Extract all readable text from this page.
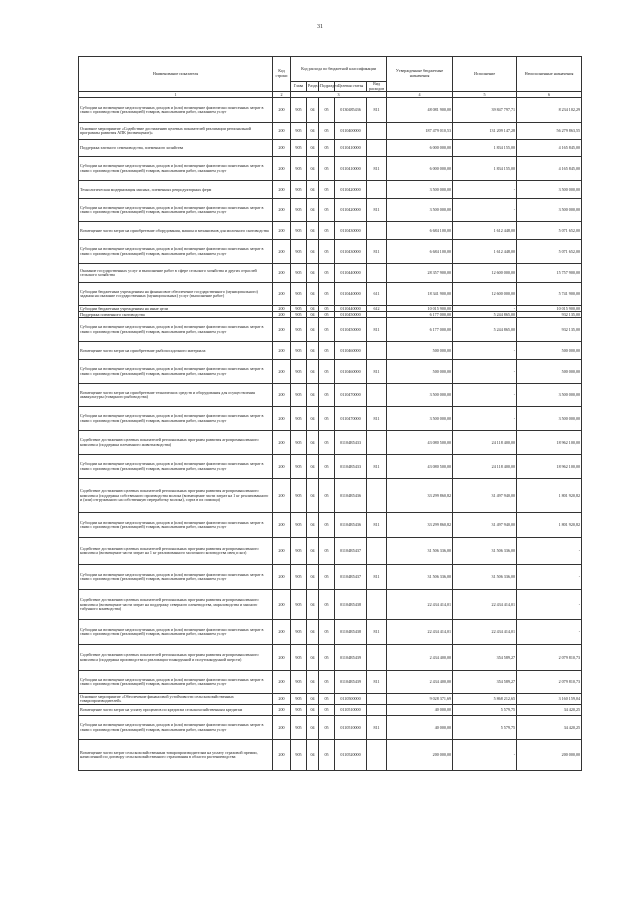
31
Наименование показателя	Код строки	Код расхода по бюджетной классификации					Утвержденные бюджетные назначения	Исполнение	Неисполненные назначения
		Глава	Раздел	Подраздел	Целевая статья	Вид расходов			
1	2	3					4	5	6
Субсидии на возмещение недополученных доходов и (или) возмещение фактически понесенных затрат в связи с производством (реализацией) товаров, выполнением работ, оказанием услуг	200	905	04	05	0130485436	811	48 081 900,00	39 847 797,71	8 234 102,29
Основное мероприятие «Содействие достижению целевых показателей реализации региональной программы развития АПК (возмещение)»	200	905	04	05	0110400000		187 479 010,53	131 209 147,28	56 279 863,55
Поддержка элитного семеноводства, племенного хозяйства	200	905	04	05	0110410000		6 000 000,00	1 834 155,00	4 165 845,00
Субсидии на возмещение недополученных доходов и (или) возмещение фактически понесенных затрат в связи с производством (реализацией) товаров, выполнением работ, оказанием услуг	200	905	04	05	0110410000	811	6 000 000,00	1 834 155,00	4 165 845,00
Технологическая модернизация мясных, племенных репродукторных ферм	200	905	04	05	0110420000		3 500 000,00	-	3 500 000,00
Субсидии на возмещение недополученных доходов и (или) возмещение фактически понесенных затрат в связи с производством (реализацией) товаров, выполнением работ, оказанием услуг	200	905	04	05	0110420000	811	3 500 000,00	-	3 500 000,00
Возмещение части затрат на приобретение оборудования, машин и механизмов для молочного скотоводства	200	905	04	05	0110430000		6 684 100,00	1 612 448,00	5 071 652,00
Субсидии на возмещение недополученных доходов и (или) возмещение фактически понесенных затрат в связи с производством (реализацией) товаров, выполнением работ, оказанием услуг	200	905	04	05	0110430000	811	6 684 100,00	1 612 448,00	5 071 652,00
Оказание государственных услуг и выполнение работ в сфере сельского хозяйства и других отраслей сельского хозяйства	200	905	04	05	0110440000		28 357 900,00	12 600 000,00	15 757 900,00
Субсидии бюджетным учреждениям на финансовое обеспечение государственного (муниципального) задания на оказание государственных (муниципальных) услуг (выполнение работ)	200	905	04	05	0110440000	611	18 341 900,00	12 600 000,00	5 741 900,00
Субсидии бюджетным учреждениям на иные цели	200	905	04	05	0110440000	612	10 015 900,00	-	10 015 900,00
Поддержка племенного скотоводства	200	905	04	05	0110450000		6 177 000,00	5 244 865,00	932 135,00
Субсидии на возмещение недополученных доходов и (или) возмещение фактически понесенных затрат в связи с производством (реализацией) товаров, выполнением работ, оказанием услуг	200	905	04	05	0110450000	811	6 177 000,00	5 244 865,00	932 135,00
Возмещение части затрат на приобретение рыбопосадочного материала	200	905	04	05	0110460000		500 000,00	-	500 000,00
Субсидии на возмещение недополученных доходов и (или) возмещение фактически понесенных затрат в связи с производством (реализацией) товаров, выполнением работ, оказанием услуг	200	905	04	05	0110460000	811	500 000,00	-	500 000,00
Возмещение части затрат на приобретение технических средств и оборудования для осуществления аквакультуры (товарного рыбоводства)	200	905	04	05	0110470000		3 500 000,00	-	3 500 000,00
Субсидии на возмещение недополученных доходов и (или) возмещение фактически понесенных затрат в связи с производством (реализацией) товаров, выполнением работ, оказанием услуг	200	905	04	05	0110470000	811	3 500 000,00	-	3 500 000,00
Содействие достижению целевых показателей региональных программ развития агропромышленного комплекса (поддержка племенного животноводства)	200	905	04	05	01104R5433		43 080 500,00	24 118 400,00	18 962 100,00
Субсидии на возмещение недополученных доходов и (или) возмещение фактически понесенных затрат в связи с производством (реализацией) товаров, выполнением работ, оказанием услуг	200	905	04	05	01104R5433	811	43 080 500,00	24 118 400,00	18 962 100,00
Содействие достижению целевых показателей региональных программ развития агропромышленного комплекса (поддержка собственного производства молока (возмещение части затрат на 1 кг реализованного и (или) отгруженного на собственную переработку молока), сорта в их помощи)	200	905	04	05	01104R5436		33 299 860,82	31 497 940,00	1 801 920,82
Субсидии на возмещение недополученных доходов и (или) возмещение фактически понесенных затрат в связи с производством (реализацией) товаров, выполнением работ, оказанием услуг	200	905	04	05	01104R5436	811	33 299 860,82	31 497 940,00	1 801 920,82
Содействие достижению целевых показателей региональных программ развития агропромышленного комплекса (возмещение части затрат на 1 кг реализованного молочного козоводства овец и коз)	200	905	04	05	01104R5437		31 506 336,00	31 506 336,00	-
Субсидии на возмещение недополученных доходов и (или) возмещение фактически понесенных затрат в связи с производством (реализацией) товаров, выполнением работ, оказанием услуг	200	905	04	05	01104R5437	811	31 506 336,00	31 506 336,00	-
Содействие достижению целевых показателей региональных программ развития агропромышленного комплекса (возмещение части затрат на поддержку северного оленеводства, мараловодства и мясного табунного коневодства)	200	905	04	05	01104R5438		22 434 414,01	22 434 414,01	-
Субсидии на возмещение недополученных доходов и (или) возмещение фактически понесенных затрат в связи с производством (реализацией) товаров, выполнением работ, оказанием услуг	200	905	04	05	01104R5438	811	22 434 414,01	22 434 414,01	-
Содействие достижению целевых показателей региональных программ развития агропромышленного комплекса (поддержка производства и реализации тонкорунной и полутонкорунной шерсти)	200	905	04	05	01104R5439		2 434 400,00	354 589,27	2 079 810,73
Субсидии на возмещение недополученных доходов и (или) возмещение фактически понесенных затрат в связи с производством (реализацией) товаров, выполнением работ, оказанием услуг	200	905	04	05	01104R5439	811	2 434 400,00	354 589,27	2 079 810,73
Основное мероприятие «Обеспечение финансовой устойчивости сельскохозяйственных товаропроизводителей»	200	905	04	05	0110500000		9 028 371,69	5 868 212,65	3 160 159,04
Возмещение части затрат на уплату процентов по кредитам сельскохозяйственным кредитам	200	905	04	05	0110510000		40 000,00	5 579,75	34 420,25
Субсидии на возмещение недополученных доходов и (или) возмещение фактически понесенных затрат в связи с производством (реализацией) товаров, выполнением работ, оказанием услуг	200	905	04	05	0110510000	811	40 000,00	5 579,75	34 420,25
Возмещение части затрат сельскохозяйственным товаропроизводителям на уплату страховой премии, начисленной по договору сельскохозяйственного страхования в области растениеводства	200	905	04	05	0110520000		200 000,00	-	200 000,00
